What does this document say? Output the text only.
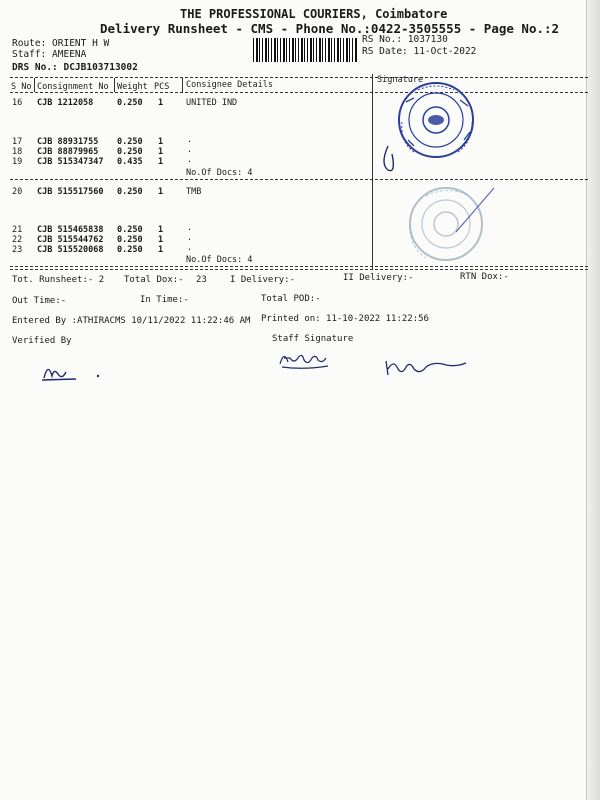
THE PROFESSIONAL COURIERS, Coimbatore
Delivery Runsheet - CMS - Phone No.:0422-3505555 - Page No.:2
Route: ORIENT H W
Staff: AMEENA
DRS No.: DCJB103713002
RS No.: 1037130
RS Date: 11-Oct-2022
S No Consignment No Weight PCS Consignee Details	Signature
16 CJB 1212058	0.250 1	UNITED IND
17 CJB 88931755 0.250 1	.
18 CJB 88879965 0.250 1	.
19 CJB 515347347 0.435 1	.
No.Of Docs: 4
20 CJB 515517560 0.250 1	TMB
21 CJB 515465838 0.250 1	.
22 CJB 515544762 0.250 1	.
23 CJB 515520068 0.250 1	.
No.Of Docs: 4
Tot. Runsheet:- 2 Total Dox:- 23	I Delivery:-	II Delivery:-	RTN Dox:-
Out Time:-	In Time:-	Total POD:-
Entered By :ATHIRACMS 10/11/2022 11:22:46 AM Printed on: 11-10-2022 11:22:56
Verified By	Staff Signature
